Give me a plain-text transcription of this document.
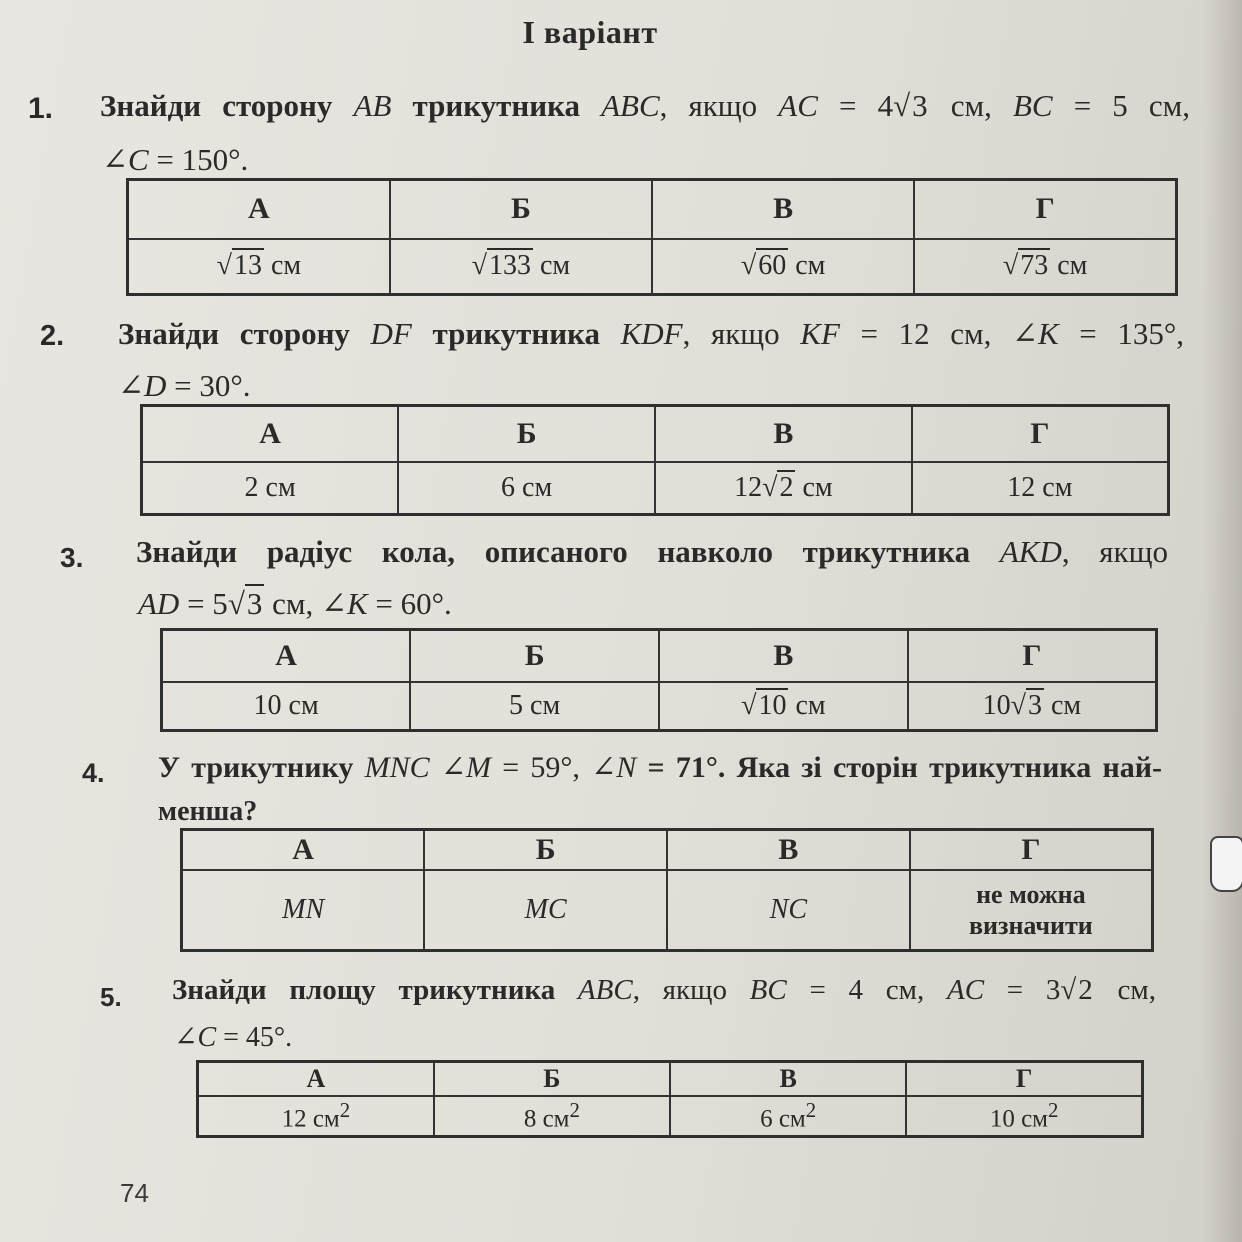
I варіант
1. Знайди сторону AB трикутника ABC, якщо AC = 4√3 см, BC = 5 см,
∠C = 150°.
А	Б	В	Г
√13 см	√133 см	√60 см	√73 см
2. Знайди сторону DF трикутника KDF, якщо KF = 12 см, ∠K = 135°,
∠D = 30°.
А	Б	В	Г
2 см	6 см	12√2 см	12 см
3. Знайди радіус кола, описаного навколо трикутника AKD, якщо
AD = 5√3 см, ∠K = 60°.
А	Б	В	Г
10 см	5 см	√10 см	10√3 см
4. У трикутнику MNC ∠M = 59°, ∠N = 71°. Яка зі сторін трикутника най-
менша?
А	Б	В	Г
MN	MC	NC	не можна
визначити
5. Знайди площу трикутника ABC, якщо BC = 4 см, AC = 3√2 см,
∠C = 45°.
А	Б	В	Г
12 $см^2$	8 $см^2$	6 $см^2$	10 $см^2$
74
